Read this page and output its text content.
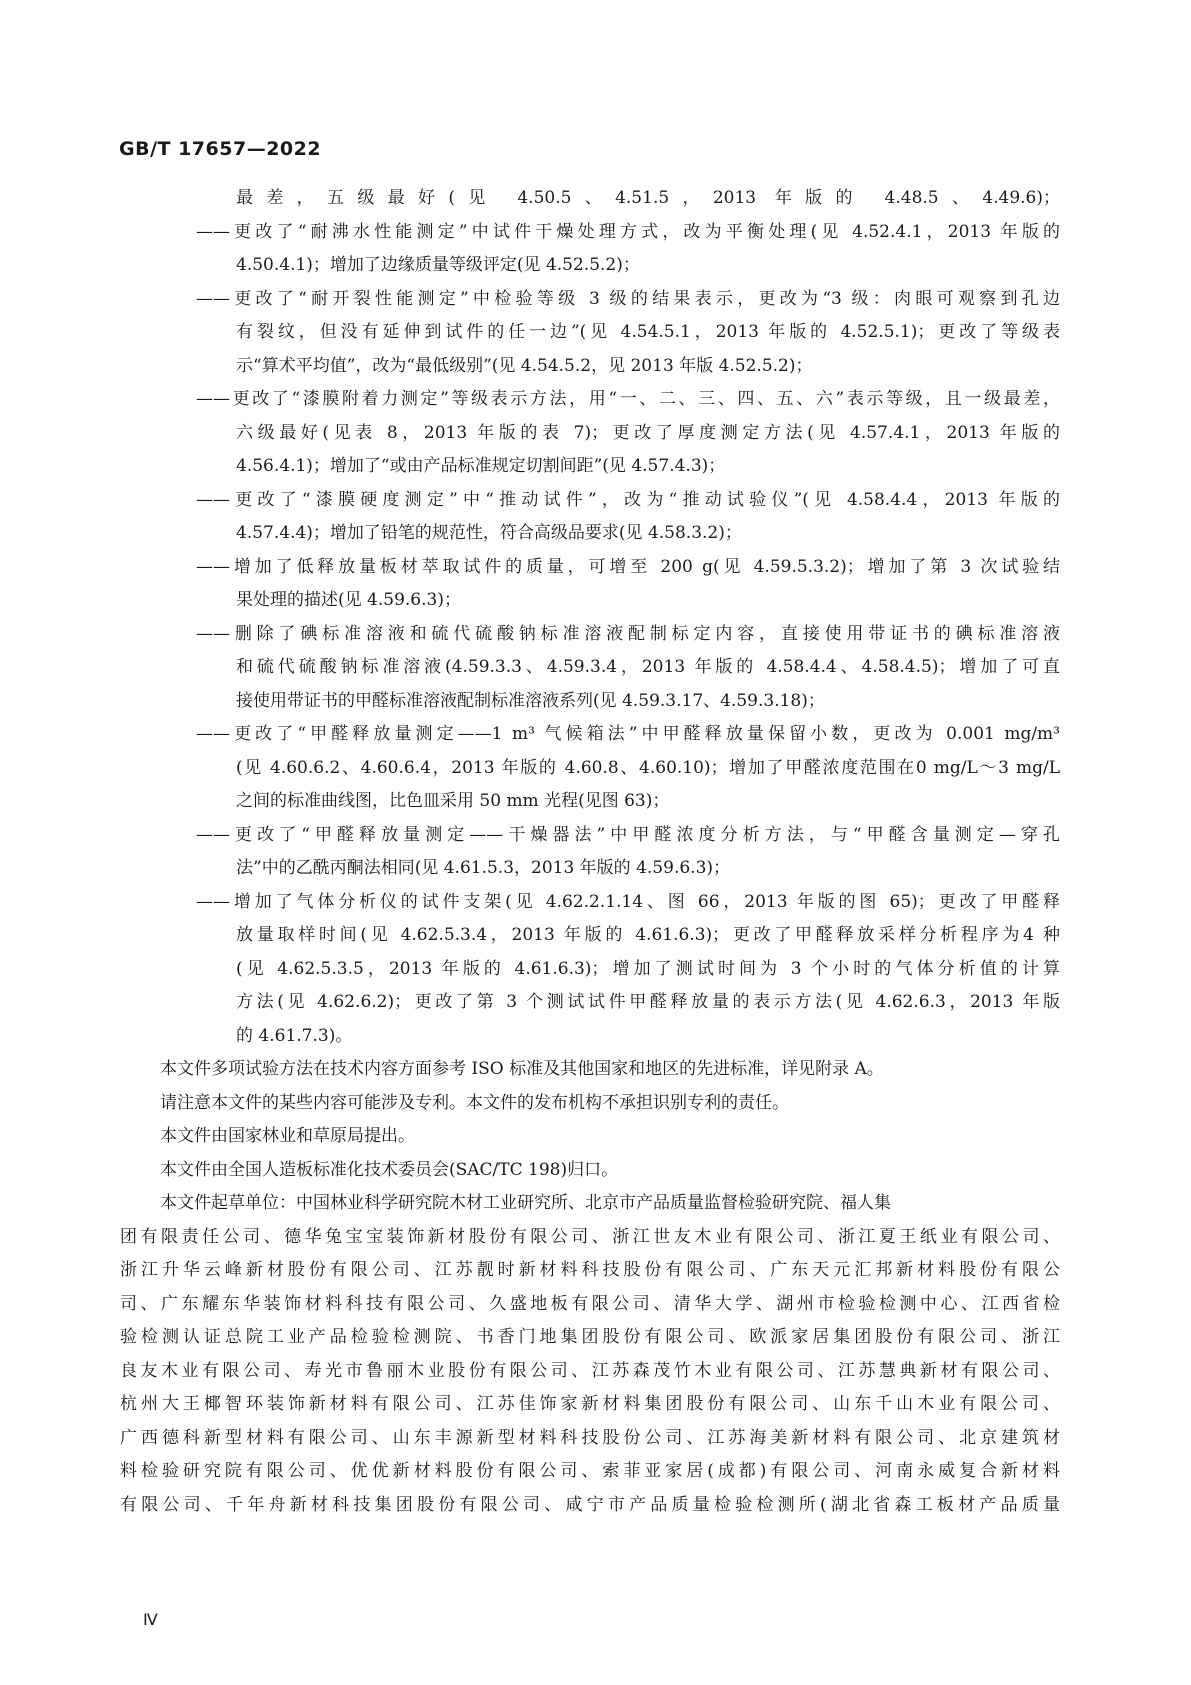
GB/T 17657—2022
最差，五级最好(见 4.50.5、4.51.5，2013 年版的 4.48.5、4.49.6)；
——更改了“耐沸水性能测定”中试件干燥处理方式，改为平衡处理(见 4.52.4.1，2013 年版的
4.50.4.1)；增加了边缘质量等级评定(见 4.52.5.2)；
——更改了“耐开裂性能测定”中检验等级 3 级的结果表示，更改为“3 级：肉眼可观察到孔边
有裂纹，但没有延伸到试件的任一边”(见 4.54.5.1，2013 年版的 4.52.5.1)；更改了等级表
示“算术平均值”，改为“最低级别”(见 4.54.5.2，见 2013 年版 4.52.5.2)；
——更改了“漆膜附着力测定”等级表示方法，用“一、二、三、四、五、六”表示等级，且一级最差，
六级最好(见表 8，2013 年版的表 7)；更改了厚度测定方法(见 4.57.4.1，2013 年版的
4.56.4.1)；增加了“或由产品标准规定切割间距”(见 4.57.4.3)；
——更改了“漆膜硬度测定”中“推动试件”，改为“推动试验仪”(见 4.58.4.4，2013 年版的
4.57.4.4)；增加了铅笔的规范性，符合高级品要求(见 4.58.3.2)；
——增加了低释放量板材萃取试件的质量，可增至 200 g(见 4.59.5.3.2)；增加了第 3 次试验结
果处理的描述(见 4.59.6.3)；
——删除了碘标准溶液和硫代硫酸钠标准溶液配制标定内容，直接使用带证书的碘标准溶液
和硫代硫酸钠标准溶液(4.59.3.3、4.59.3.4，2013 年版的 4.58.4.4、4.58.4.5)；增加了可直
接使用带证书的甲醛标准溶液配制标准溶液系列(见 4.59.3.17、4.59.3.18)；
——更改了“甲醛释放量测定——1 m³ 气候箱法”中甲醛释放量保留小数，更改为 0.001 mg/m³
(见 4.60.6.2、4.60.6.4，2013 年版的 4.60.8、4.60.10)；增加了甲醛浓度范围在0 mg/L～3 mg/L
之间的标准曲线图，比色皿采用 50 mm 光程(见图 63)；
——更改了“甲醛释放量测定——干燥器法”中甲醛浓度分析方法，与“甲醛含量测定—穿孔
法”中的乙酰丙酮法相同(见 4.61.5.3，2013 年版的 4.59.6.3)；
——增加了气体分析仪的试件支架(见 4.62.2.1.14、图 66，2013 年版的图 65)；更改了甲醛释
放量取样时间(见 4.62.5.3.4，2013 年版的 4.61.6.3)；更改了甲醛释放采样分析程序为4 种
(见 4.62.5.3.5，2013 年版的 4.61.6.3)；增加了测试时间为 3 个小时的气体分析值的计算
方法(见 4.62.6.2)；更改了第 3 个测试试件甲醛释放量的表示方法(见 4.62.6.3，2013 年版
的 4.61.7.3)。
本文件多项试验方法在技术内容方面参考 ISO 标准及其他国家和地区的先进标准，详见附录 A。
请注意本文件的某些内容可能涉及专利。本文件的发布机构不承担识别专利的责任。
本文件由国家林业和草原局提出。
本文件由全国人造板标准化技术委员会(SAC/TC 198)归口。
本文件起草单位：中国林业科学研究院木材工业研究所、北京市产品质量监督检验研究院、福人集
团有限责任公司、德华兔宝宝装饰新材股份有限公司、浙江世友木业有限公司、浙江夏王纸业有限公司、
浙江升华云峰新材股份有限公司、江苏靓时新材料科技股份有限公司、广东天元汇邦新材料股份有限公
司、广东耀东华装饰材料科技有限公司、久盛地板有限公司、清华大学、湖州市检验检测中心、江西省检
验检测认证总院工业产品检验检测院、书香门地集团股份有限公司、欧派家居集团股份有限公司、浙江
良友木业有限公司、寿光市鲁丽木业股份有限公司、江苏森茂竹木业有限公司、江苏慧典新材有限公司、
杭州大王椰智环装饰新材料有限公司、江苏佳饰家新材料集团股份有限公司、山东千山木业有限公司、
广西德科新型材料有限公司、山东丰源新型材料科技股份公司、江苏海美新材料有限公司、北京建筑材
料检验研究院有限公司、优优新材料股份有限公司、索菲亚家居(成都)有限公司、河南永威复合新材料
有限公司、千年舟新材科技集团股份有限公司、咸宁市产品质量检验检测所(湖北省森工板材产品质量
Ⅳ
